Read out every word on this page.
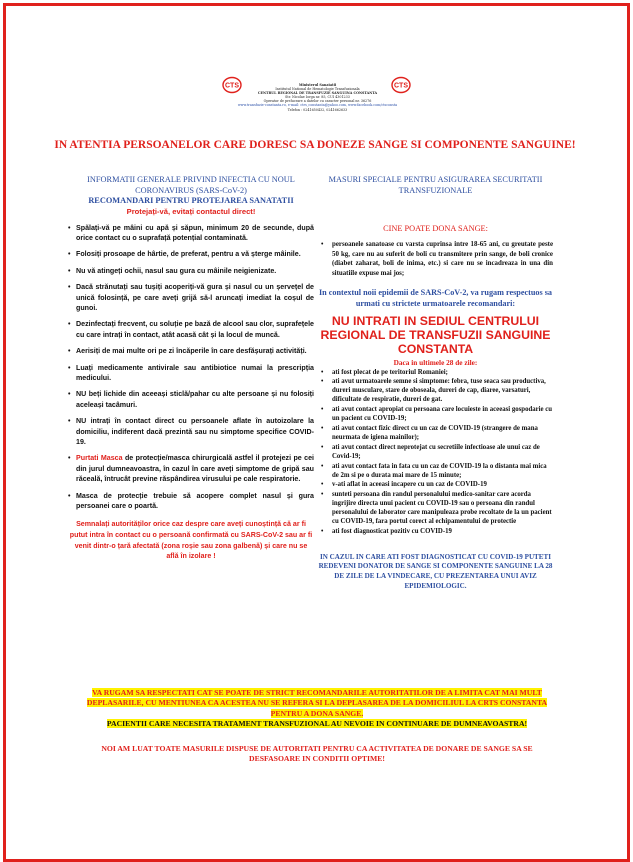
CTS	CTS
Ministerul Sanatatii
Institutul National de Hematologie Transfuzionala
CENTRUL REGIONAL DE TRANSFUZIE SANGUINA CONSTANTA
Str. Nicolae Iorga nr. 85, CUI 4301233
Operator de prelucrare a datelor cu caracter personal nr. 36276
www.transfuzie-constanta.ro, e-mail: ctrs_constanta@yahoo.com, www.facebook.com/ctsconsta
Telefon : 0241650432, 0241662633
IN ATENTIA PERSOANELOR CARE DORESC SA DONEZE SANGE SI COMPONENTE SANGUINE!
INFORMATII GENERALE PRIVIND INFECTIA CU NOUL CORONAVIRUS (SARS-CoV-2)
RECOMANDARI PENTRU PROTEJAREA SANATATII
Protejați-vă, evitați contactul direct!
• Spălați-vă pe mâini cu apă și săpun, minimum 20 de secunde, după orice contact cu o suprafață potențial contaminată.
• Folosiți prosoape de hârtie, de preferat, pentru a vă șterge mâinile.
• Nu vă atingeți ochii, nasul sau gura cu mâinile neigienizate.
• Dacă strănutați sau tușiți acoperiți-vă gura și nasul cu un șervețel de unică folosință, pe care aveți grijă să-l aruncați imediat la coșul de gunoi.
• Dezinfectați frecvent, cu soluție pe bază de alcool sau clor, suprafețele cu care intrați în contact, atât acasă cât și la locul de muncă.
• Aerisiți de mai multe ori pe zi încăperile în care desfășurați activități.
• Luați medicamente antivirale sau antibiotice numai la prescripția medicului.
• NU beți lichide din aceeași sticlă/pahar cu alte persoane și nu folosiți aceleași tacâmuri.
• NU intrați în contact direct cu persoanele aflate în autoizolare la domiciliu, indiferent dacă prezintă sau nu simptome specifice COVID-19.
• Purtati Masca de protecție/masca chirurgicală astfel il protejezi pe cei din jurul dumneavoastra, în cazul în care aveți simptome de gripă sau răceală, întrucât previne răspândirea virusului pe cale respiratorie.
• Masca de protecție trebuie să acopere complet nasul și gura persoanei care o poartă.
Semnalați autorităților orice caz despre care aveți cunoștință că ar fi putut intra în contact cu o persoană confirmată cu SARS-CoV-2 sau ar fi venit dintr-o țară afectată (zona roșie sau zona galbenă) și care nu se află în izolare !
MASURI SPECIALE PENTRU ASIGURAREA SECURITATII TRANSFUZIONALE
CINE POATE DONA SANGE:
• persoanele sanatoase cu varsta cuprinsa intre 18-65 ani, cu greutate peste 50 kg, care nu au suferit de boli cu transmitere prin sange, de boli cronice (diabet zaharat, boli de inima, etc.) si care nu se incadreaza in una din situatiile expuse mai jos;
In contextul noii epidemii de SARS-CoV-2, va rugam respectuos sa urmati cu strictete urmatoarele recomandari:
NU INTRATI IN SEDIUL CENTRULUI REGIONAL DE TRANSFUZII SANGUINE CONSTANTA
Daca in ultimele 28 de zile:
• ati fost plecat de pe teritoriul Romaniei;
• ati avut urmatoarele semne si simptome: febra, tuse seaca sau productiva, dureri musculare, stare de oboseala, dureri de cap, diaree, varsaturi, dificultate de respiratie, dureri de gat.
• ati avut contact apropiat cu persoana care locuieste in aceeasi gospodarie cu un pacient cu COVID-19;
• ati avut contact fizic direct cu un caz de COVID-19 (strangere de mana neurmata de igiena mainilor);
• ati avut contact direct neprotejat cu secretiile infectioase ale unui caz de Covid-19;
• ati avut contact fata in fata cu un caz de COVID-19 la o distanta mai mica de 2m si pe o durata mai mare de 15 minute;
• v-ati aflat in aceeasi incapere cu un caz de COVID-19
• sunteti persoana din randul personalului medico-sanitar care acorda ingrijire directa unui pacient cu COVID-19 sau o persoana din randul personalului de laborator care manipuleaza probe recoltate de la un pacient cu COVID-19, fara portul corect al echipamentului de protectie
• ati fost diagnosticat pozitiv cu COVID-19
IN CAZUL IN CARE ATI FOST DIAGNOSTICAT CU COVID-19 PUTETI REDEVENI DONATOR DE SANGE SI COMPONENTE SANGUINE LA 28 DE ZILE DE LA VINDECARE, CU PREZENTAREA UNUI AVIZ EPIDEMIOLOGIC.
VA RUGAM SA RESPECTATI CAT SE POATE DE STRICT RECOMANDARILE AUTORITATILOR DE A LIMITA CAT MAI MULT DEPLASARILE, CU MENTIUNEA CA ACESTEA NU SE REFERA SI LA DEPLASAREA DE LA DOMICILIUL LA CRTS CONSTANTA PENTRU A DONA SANGE.
PACIENTII CARE NECESITA TRATAMENT TRANSFUZIONAL AU NEVOIE IN CONTINUARE DE DUMNEAVOASTRA!
NOI AM LUAT TOATE MASURILE DISPUSE DE AUTORITATI PENTRU CA ACTIVITATEA DE DONARE DE SANGE SA SE DESFASOARE IN CONDITII OPTIME!
